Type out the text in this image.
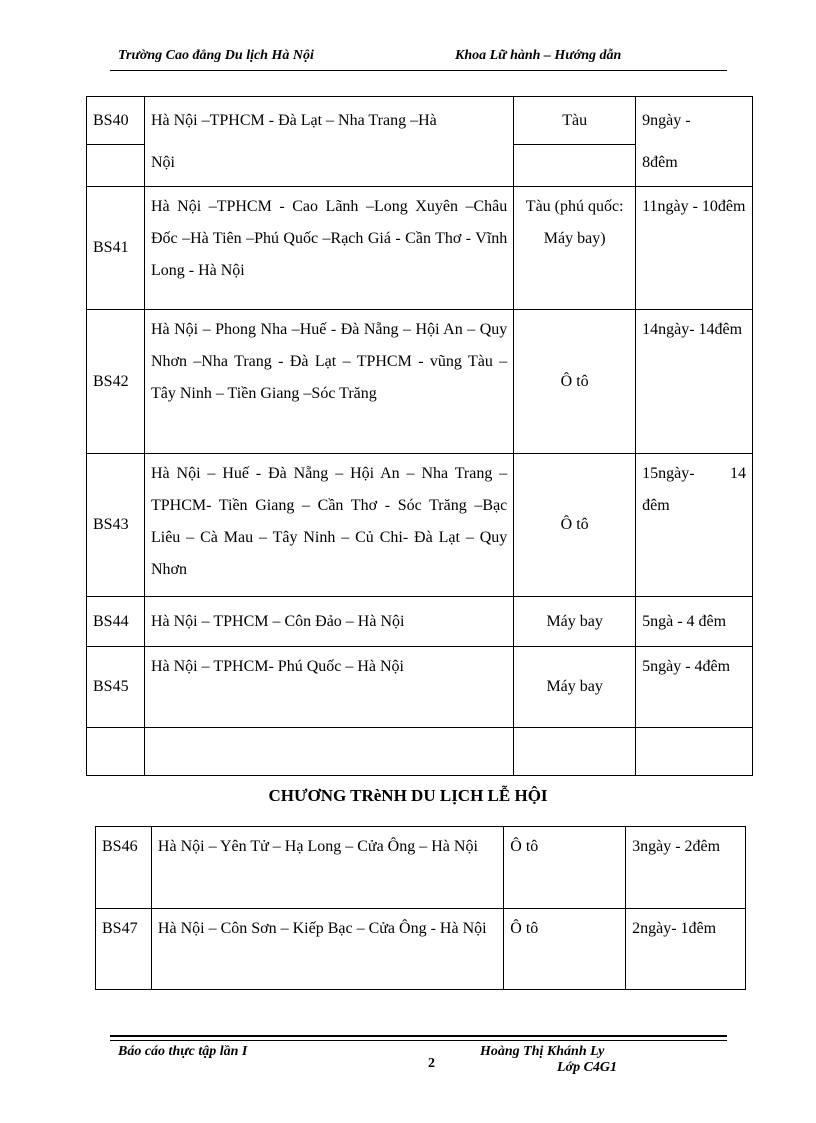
Trường Cao đẳng Du lịch Hà Nội	Khoa Lữ hành – Hướng dẫn
BS40	Hà Nội –TPHCM - Đà Lạt – Nha Trang –Hà	Tàu	9ngày -
	Nội		8đêm
BS41	Hà Nội –TPHCM - Cao Lãnh –Long Xuyên –Châu Đốc –Hà Tiên –Phú Quốc –Rạch Giá - Cần Thơ - Vĩnh Long - Hà Nội	Tàu (phú quốc: Máy bay)	11ngày - 10đêm
BS42	Hà Nội – Phong Nha –Huế - Đà Nẵng – Hội An – Quy Nhơn –Nha Trang - Đà Lạt – TPHCM - vũng Tàu – Tây Ninh – Tiền Giang –Sóc Trăng	Ô tô	14ngày- 14đêm
BS43	Hà Nội – Huế - Đà Nẵng – Hội An – Nha Trang –TPHCM- Tiền Giang – Cần Thơ - Sóc Trăng –Bạc Liêu – Cà Mau – Tây Ninh – Củ Chi- Đà Lạt – Quy Nhơn	Ô tô	15ngày- 14 đêm
BS44	Hà Nội – TPHCM – Côn Đảo – Hà Nội	Máy bay	5ngà - 4 đêm
BS45	Hà Nội – TPHCM- Phú Quốc – Hà Nội	Máy bay	5ngày - 4đêm

CHƯƠNG TRèNH DU LỊCH LỄ HỘI
BS46	Hà Nội – Yên Tử – Hạ Long – Cửa Ông – Hà Nội	Ô tô	3ngày - 2đêm
BS47	Hà Nội – Côn Sơn – Kiếp Bạc – Cửa Ông - Hà Nội	Ô tô	2ngày- 1đêm
Báo cáo thực tập lần I
2
Hoàng Thị Khánh Ly
Lớp C4G1
